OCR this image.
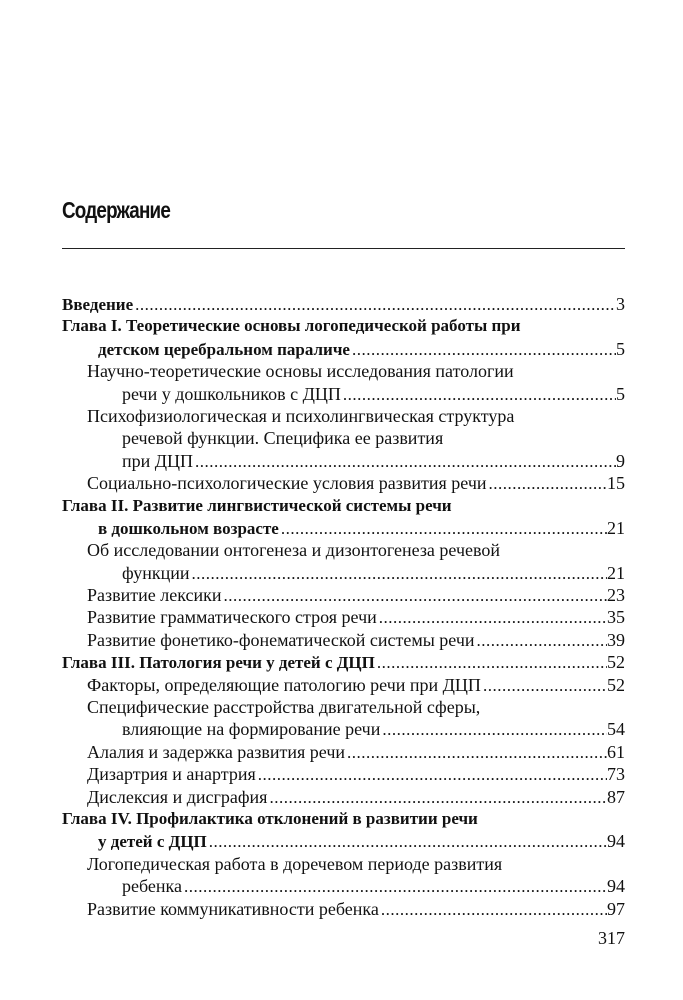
Содержание
Введение .....	3
Глава I. Теоретические основы логопедической работы при
детском церебральном параличе .....	5
Научно-теоретические основы исследования патологии
речи у дошкольников с ДЦП .....	5
Психофизиологическая и психолингвическая структура
речевой функции. Специфика ее развития
при ДЦП .....	9
Социально-психологические условия развития речи .....	15
Глава II. Развитие лингвистической системы речи
в дошкольном возрасте .....	21
Об исследовании онтогенеза и дизонтогенеза речевой
функции .....	21
Развитие лексики .....	23
Развитие грамматического строя речи .....	35
Развитие фонетико-фонематической системы речи .....	39
Глава III. Патология речи у детей с ДЦП .....	52
Факторы, определяющие патологию речи при ДЦП .....	52
Специфические расстройства двигательной сферы,
влияющие на формирование речи .....	54
Алалия и задержка развития речи .....	61
Дизартрия и анартрия .....	73
Дислексия и дисграфия .....	87
Глава IV. Профилактика отклонений в развитии речи
у детей с ДЦП .....	94
Логопедическая работа в доречевом периоде развития
ребенка .....	94
Развитие коммуникативности ребенка .....	97
317
